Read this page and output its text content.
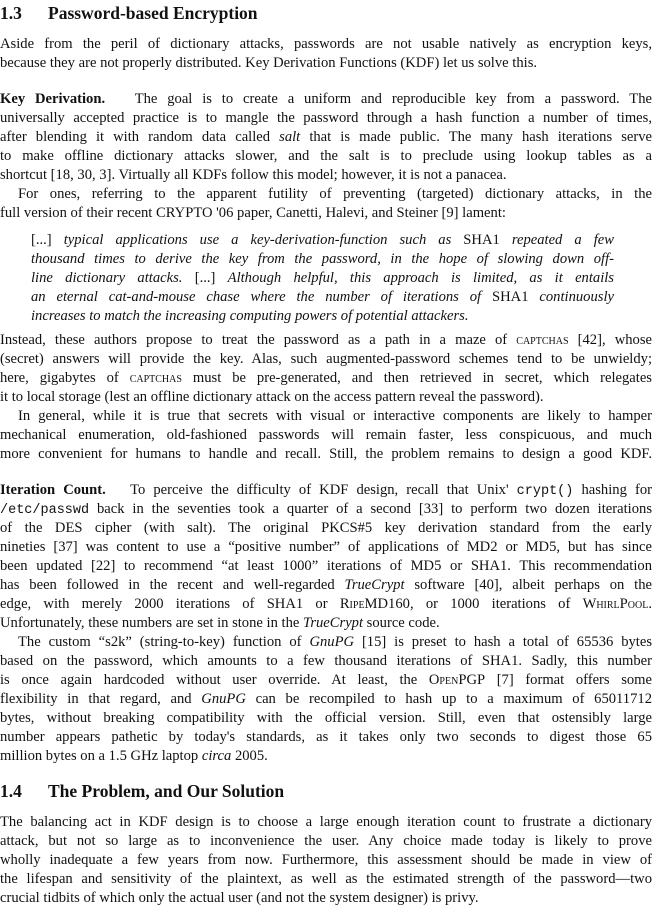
1.3 Password-based Encryption
Aside from the peril of dictionary attacks, passwords are not usable natively as encryption keys,
because they are not properly distributed. Key Derivation Functions (KDF) let us solve this.
Key Derivation. The goal is to create a uniform and reproducible key from a password. The
universally accepted practice is to mangle the password through a hash function a number of times,
after blending it with random data called salt that is made public. The many hash iterations serve
to make offline dictionary attacks slower, and the salt is to preclude using lookup tables as a
shortcut [18, 30, 3]. Virtually all KDFs follow this model; however, it is not a panacea.
For ones, referring to the apparent futility of preventing (targeted) dictionary attacks, in the
full version of their recent CRYPTO '06 paper, Canetti, Halevi, and Steiner [9] lament:
[...] typical applications use a key-derivation-function such as SHA1 repeated a few
thousand times to derive the key from the password, in the hope of slowing down off-
line dictionary attacks. [...] Although helpful, this approach is limited, as it entails
an eternal cat-and-mouse chase where the number of iterations of SHA1 continuously
increases to match the increasing computing powers of potential attackers.
Instead, these authors propose to treat the password as a path in a maze of captchas [42], whose
(secret) answers will provide the key. Alas, such augmented-password schemes tend to be unwieldy;
here, gigabytes of captchas must be pre-generated, and then retrieved in secret, which relegates
it to local storage (lest an offline dictionary attack on the access pattern reveal the password).
In general, while it is true that secrets with visual or interactive components are likely to hamper
mechanical enumeration, old-fashioned passwords will remain faster, less conspicuous, and much
more convenient for humans to handle and recall. Still, the problem remains to design a good KDF.
Iteration Count. To perceive the difficulty of KDF design, recall that Unix' crypt() hashing for
/etc/passwd back in the seventies took a quarter of a second [33] to perform two dozen iterations
of the DES cipher (with salt). The original PKCS#5 key derivation standard from the early
nineties [37] was content to use a “positive number” of applications of MD2 or MD5, but has since
been updated [22] to recommend “at least 1000” iterations of MD5 or SHA1. This recommendation
has been followed in the recent and well-regarded TrueCrypt software [40], albeit perhaps on the
edge, with merely 2000 iterations of SHA1 or RipeMD160, or 1000 iterations of WhirlPool.
Unfortunately, these numbers are set in stone in the TrueCrypt source code.
The custom “s2k” (string-to-key) function of GnuPG [15] is preset to hash a total of 65536 bytes
based on the password, which amounts to a few thousand iterations of SHA1. Sadly, this number
is once again hardcoded without user override. At least, the OpenPGP [7] format offers some
flexibility in that regard, and GnuPG can be recompiled to hash up to a maximum of 65011712
bytes, without breaking compatibility with the official version. Still, even that ostensibly large
number appears pathetic by today's standards, as it takes only two seconds to digest those 65
million bytes on a 1.5 GHz laptop circa 2005.
1.4 The Problem, and Our Solution
The balancing act in KDF design is to choose a large enough iteration count to frustrate a dictionary
attack, but not so large as to inconvenience the user. Any choice made today is likely to prove
wholly inadequate a few years from now. Furthermore, this assessment should be made in view of
the lifespan and sensitivity of the plaintext, as well as the estimated strength of the password—two
crucial tidbits of which only the actual user (and not the system designer) is privy.
